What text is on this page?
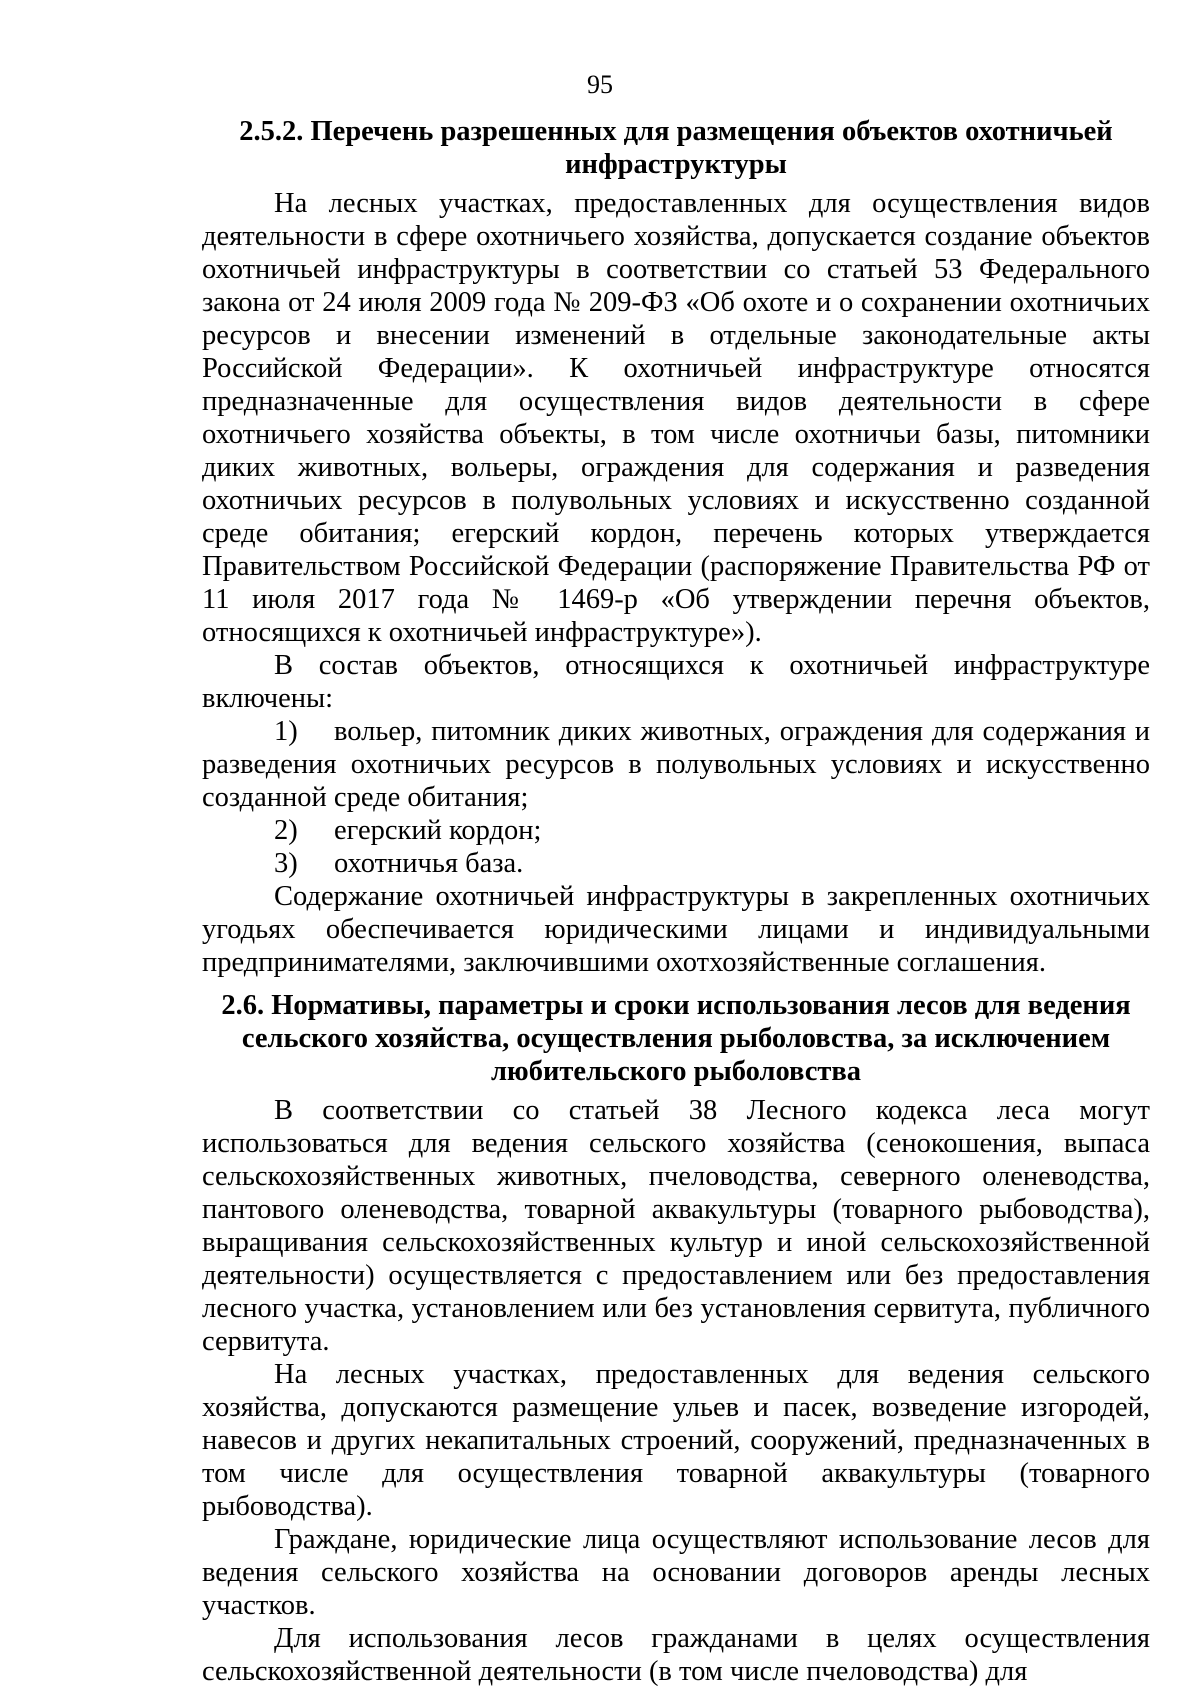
95

2.5.2. Перечень разрешенных для размещения объектов охотничьей инфраструктуры

На лесных участках, предоставленных для осуществления видов деятельности в сфере охотничьего хозяйства, допускается создание объектов охотничьей инфраструктуры в соответствии со статьей 53 Федерального закона от 24 июля 2009 года № 209-ФЗ «Об охоте и о сохранении охотничьих ресурсов и внесении изменений в отдельные законодательные акты Российской Федерации». К охотничьей инфраструктуре относятся предназначенные для осуществления видов деятельности в сфере охотничьего хозяйства объекты, в том числе охотничьи базы, питомники диких животных, вольеры, ограждения для содержания и разведения охотничьих ресурсов в полувольных условиях и искусственно созданной среде обитания; егерский кордон, перечень которых утверждается Правительством Российской Федерации (распоряжение Правительства РФ от 11 июля 2017 года № 1469-р «Об утверждении перечня объектов, относящихся к охотничьей инфраструктуре»).

В состав объектов, относящихся к охотничьей инфраструктуре включены:

1) вольер, питомник диких животных, ограждения для содержания и разведения охотничьих ресурсов в полувольных условиях и искусственно созданной среде обитания;

2) егерский кордон;

3) охотничья база.

Содержание охотничьей инфраструктуры в закрепленных охотничьих угодьях обеспечивается юридическими лицами и индивидуальными предпринимателями, заключившими охотхозяйственные соглашения.

2.6. Нормативы, параметры и сроки использования лесов для ведения сельского хозяйства, осуществления рыболовства, за исключением любительского рыболовства

В соответствии со статьей 38 Лесного кодекса леса могут использоваться для ведения сельского хозяйства (сенокошения, выпаса сельскохозяйственных животных, пчеловодства, северного оленеводства, пантового оленеводства, товарной аквакультуры (товарного рыбоводства), выращивания сельскохозяйственных культур и иной сельскохозяйственной деятельности) осуществляется с предоставлением или без предоставления лесного участка, установлением или без установления сервитута, публичного сервитута.

На лесных участках, предоставленных для ведения сельского хозяйства, допускаются размещение ульев и пасек, возведение изгородей, навесов и других некапитальных строений, сооружений, предназначенных в том числе для осуществления товарной аквакультуры (товарного рыбоводства).

Граждане, юридические лица осуществляют использование лесов для ведения сельского хозяйства на основании договоров аренды лесных участков.

Для использования лесов гражданами в целях осуществления сельскохозяйственной деятельности (в том числе пчеловодства) для
